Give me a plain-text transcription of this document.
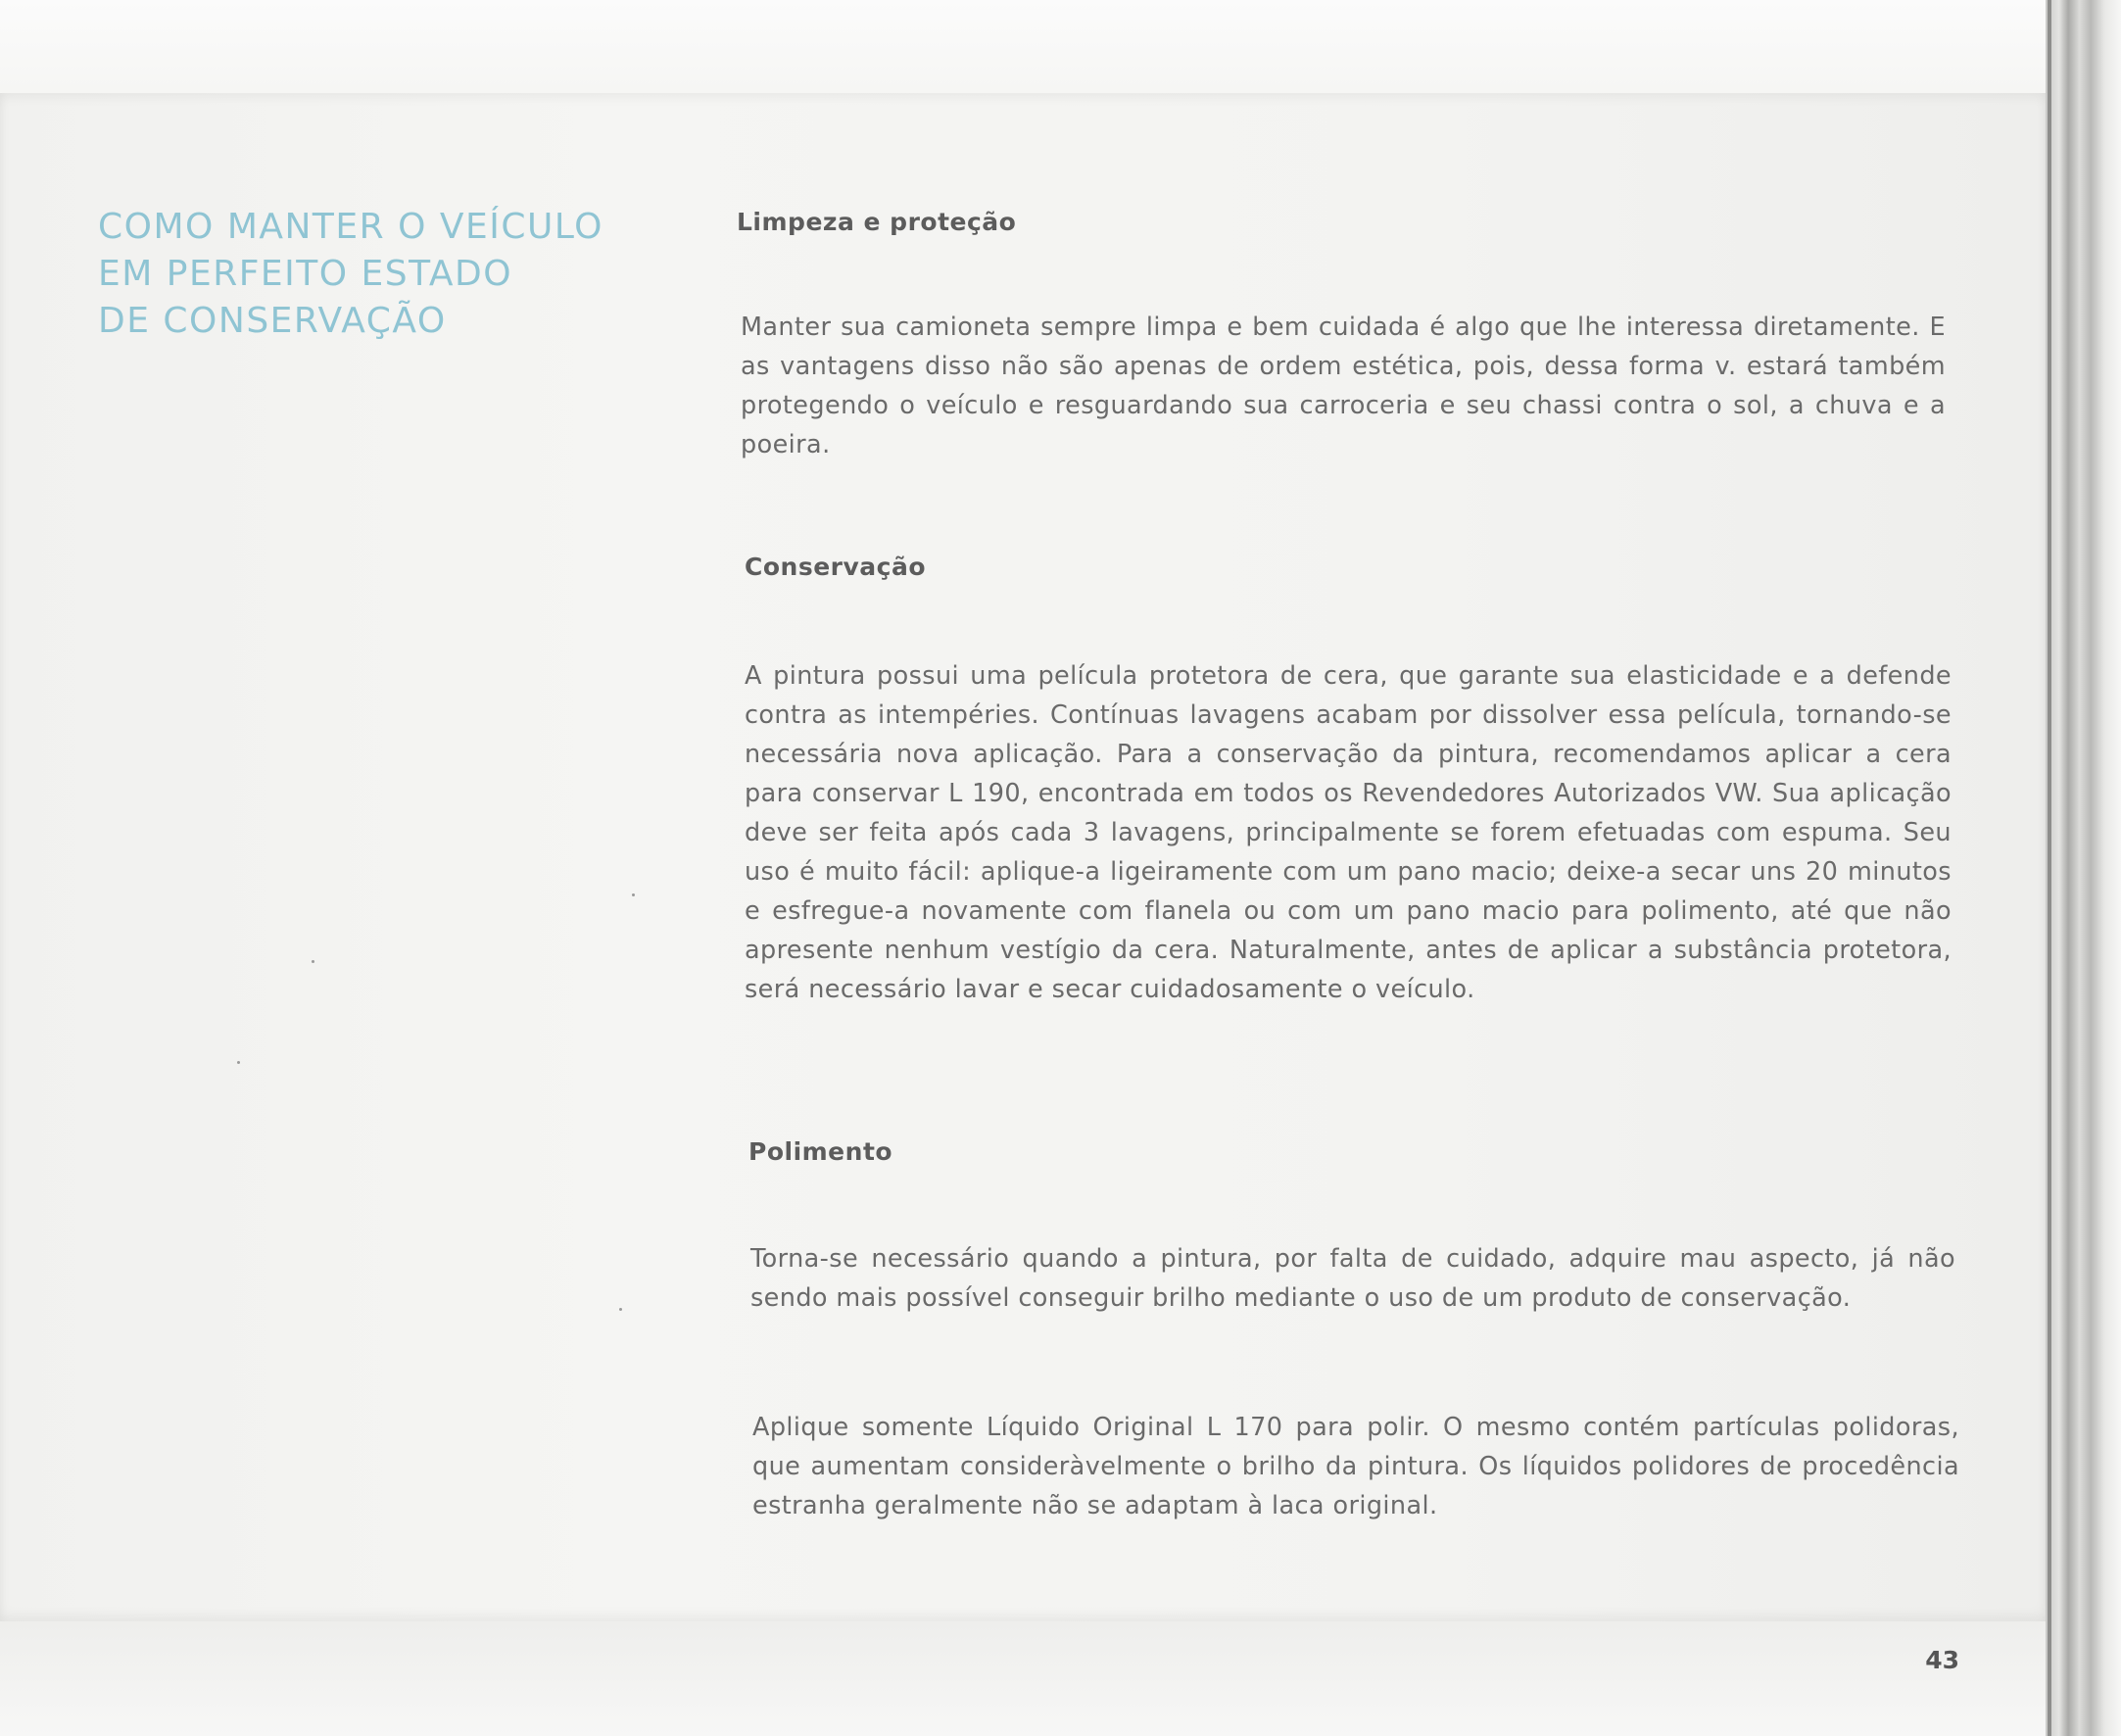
COMO MANTER O VEÍCULO
EM PERFEITO ESTADO
DE CONSERVAÇÃO
Limpeza e proteção

Manter sua camioneta sempre limpa e bem cuidada é algo que lhe interessa diretamente. E as vantagens disso não são apenas de ordem estética, pois, dessa forma v. estará também protegendo o veículo e resguardando sua carroceria e seu chassi contra o sol, a chuva e a poeira.

Conservação

A pintura possui uma película protetora de cera, que garante sua elasticidade e a defende contra as intempéries. Contínuas lavagens acabam por dissolver essa película, tornando-se necessária nova aplicação. Para a conservação da pintura, recomendamos aplicar a cera para conservar L 190, encontrada em todos os Revendedores Autorizados VW. Sua aplicação deve ser feita após cada 3 lavagens, principalmente se forem efetuadas com espuma. Seu uso é muito fácil: aplique-a ligeiramente com um pano macio; deixe-a secar uns 20 minutos e esfregue-a novamente com flanela ou com um pano macio para polimento, até que não apresente nenhum vestígio da cera. Naturalmente, antes de aplicar a substância protetora, será necessário lavar e secar cuidadosamente o veículo.

Polimento

Torna-se necessário quando a pintura, por falta de cuidado, adquire mau aspecto, já não sendo mais possível conseguir brilho mediante o uso de um produto de conservação.

Aplique somente Líquido Original L 170 para polir. O mesmo contém partículas polidoras, que aumentam consideràvelmente o brilho da pintura. Os líquidos polidores de procedência estranha geralmente não se adaptam à laca original.

43
